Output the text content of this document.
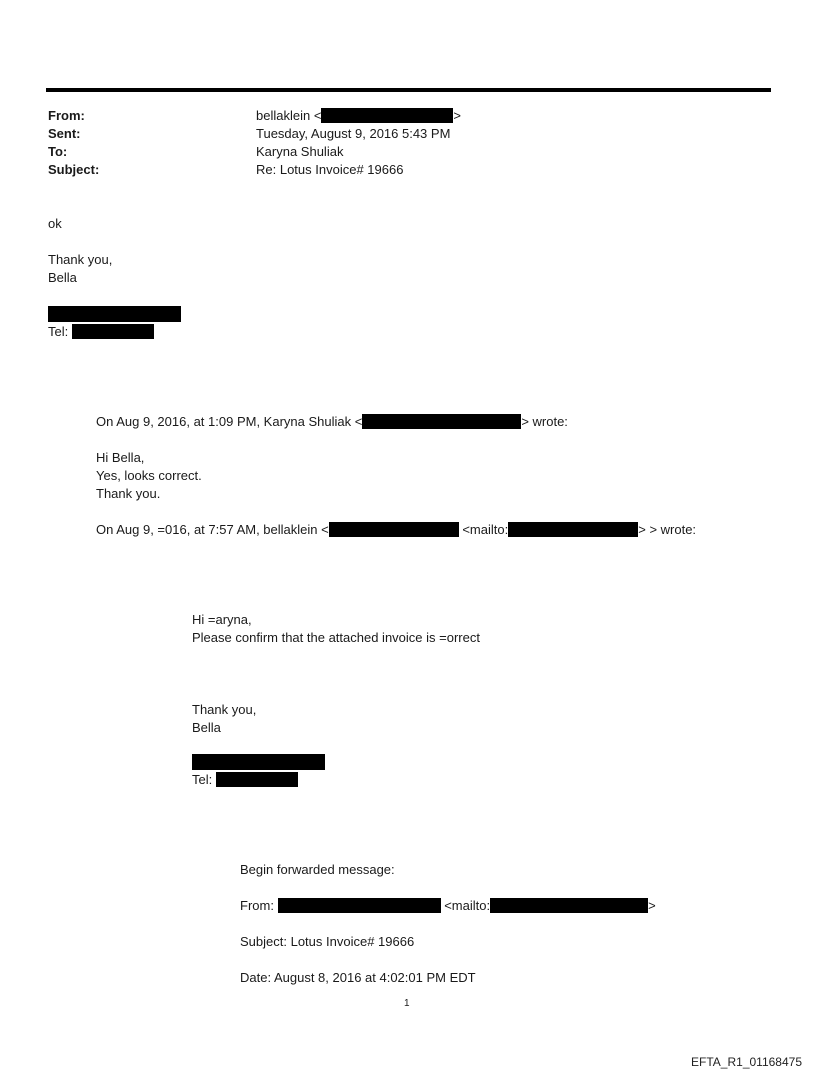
From:	bellaklein <	>
Sent:	Tuesday, August 9, 2016 5:43 PM
To:	Karyna Shuliak
Subject:	Re: Lotus Invoice# 19666
ok
Thank you,
Bella
Tel:
On Aug 9, 2016, at 1:09 PM, Karyna Shuliak <	> wrote:
Hi Bella,
Yes, looks correct.
Thank you.
On Aug 9, =016, at 7:57 AM, bellaklein <	<mailto:	> > wrote:
Hi =aryna,
Please confirm that the attached invoice is =orrect
Thank you,
Bella
Tel:
Begin forwarded message:
From:	<mailto:	>
Subject: Lotus Invoice# 19666
Date: August 8, 2016 at 4:02:01 PM EDT
1
EFTA_R1_01168475
